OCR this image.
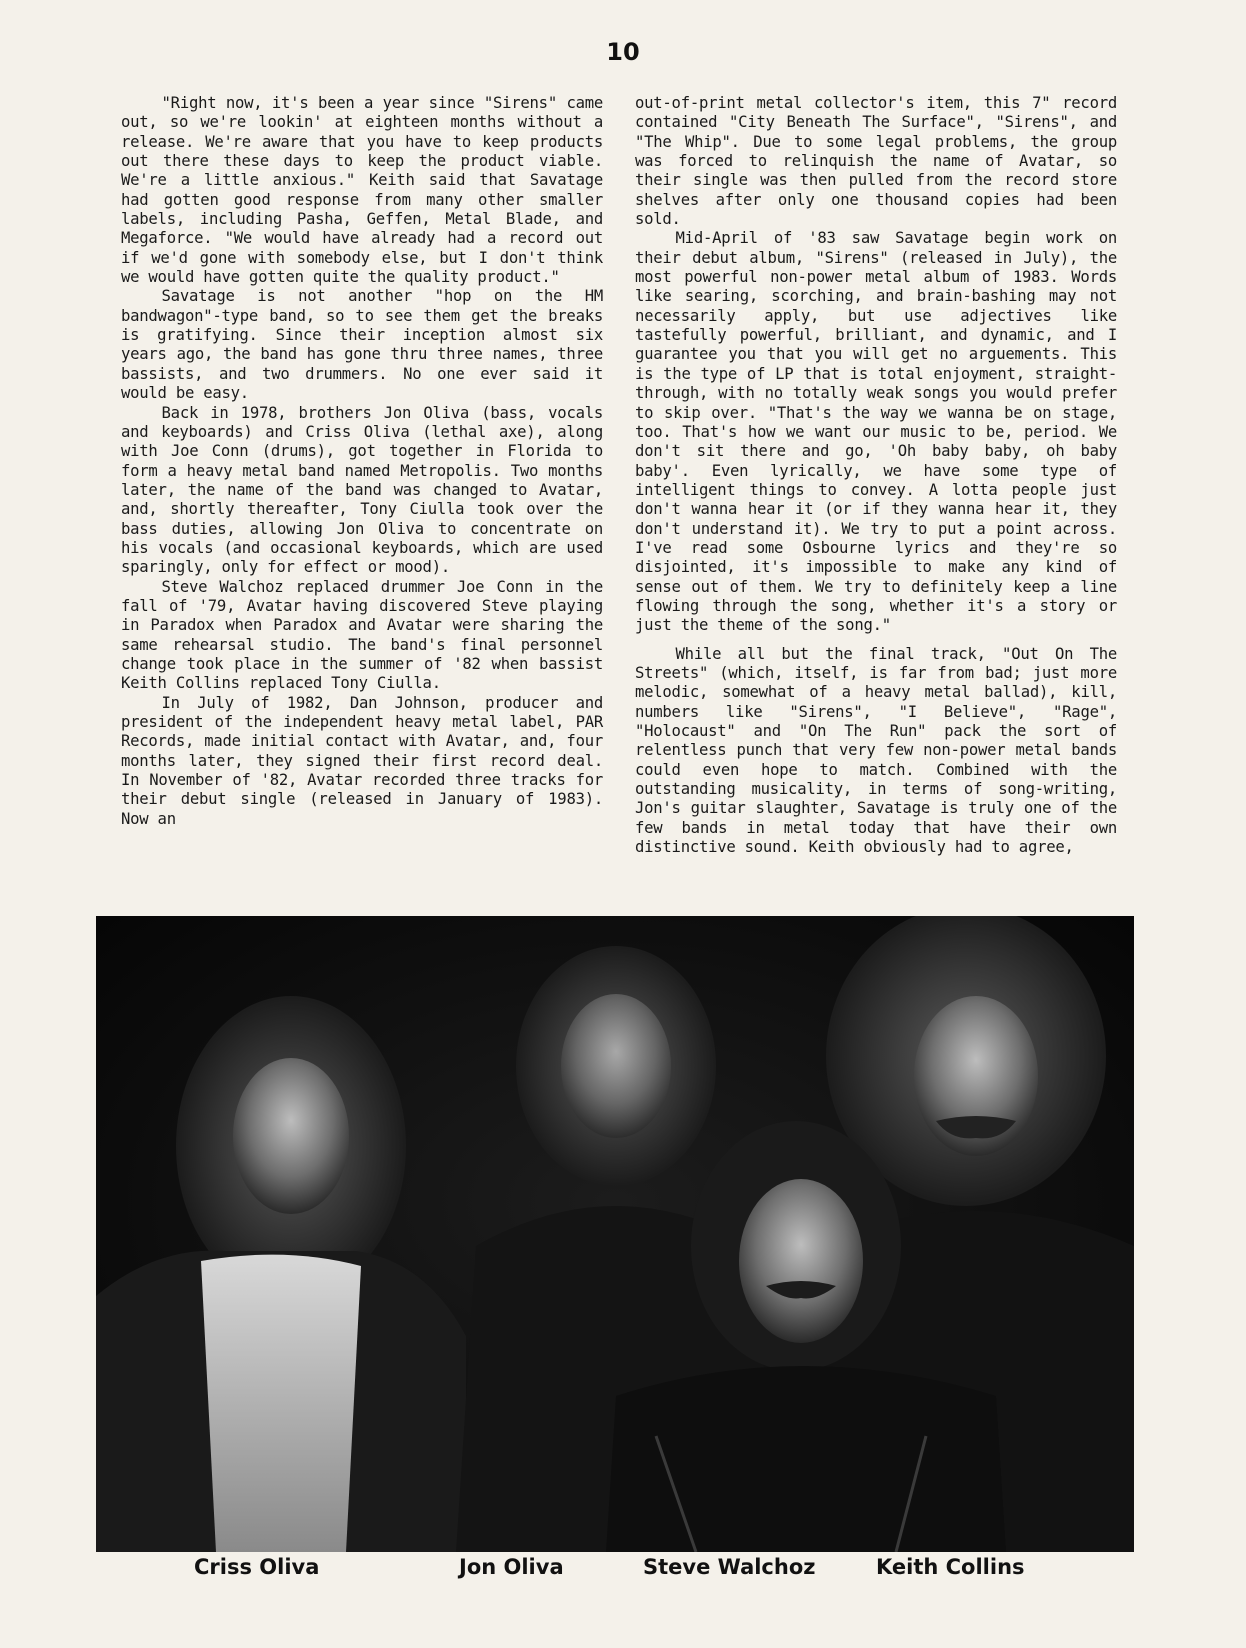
10

"Right now, it's been a year since "Sirens" came out, so we're lookin' at eighteen months without a release. We're aware that you have to keep products out there these days to keep the product viable. We're a little anxious." Keith said that Savatage had gotten good response from many other smaller labels, including Pasha, Geffen, Metal Blade, and Megaforce. "We would have already had a record out if we'd gone with somebody else, but I don't think we would have gotten quite the quality product."

Savatage is not another "hop on the HM bandwagon"-type band, so to see them get the breaks is gratifying. Since their inception almost six years ago, the band has gone thru three names, three bassists, and two drummers. No one ever said it would be easy.

Back in 1978, brothers Jon Oliva (bass, vocals and keyboards) and Criss Oliva (lethal axe), along with Joe Conn (drums), got together in Florida to form a heavy metal band named Metropolis. Two months later, the name of the band was changed to Avatar, and, shortly thereafter, Tony Ciulla took over the bass duties, allowing Jon Oliva to concentrate on his vocals (and occasional keyboards, which are used sparingly, only for effect or mood).

Steve Walchoz replaced drummer Joe Conn in the fall of '79, Avatar having discovered Steve playing in Paradox when Paradox and Avatar were sharing the same rehearsal studio. The band's final personnel change took place in the summer of '82 when bassist Keith Collins replaced Tony Ciulla.

In July of 1982, Dan Johnson, producer and president of the independent heavy metal label, PAR Records, made initial contact with Avatar, and, four months later, they signed their first record deal. In November of '82, Avatar recorded three tracks for their debut single (released in January of 1983). Now an

out-of-print metal collector's item, this 7" record contained "City Beneath The Surface", "Sirens", and "The Whip". Due to some legal problems, the group was forced to relinquish the name of Avatar, so their single was then pulled from the record store shelves after only one thousand copies had been sold.

Mid-April of '83 saw Savatage begin work on their debut album, "Sirens" (released in July), the most powerful non-power metal album of 1983. Words like searing, scorching, and brain-bashing may not necessarily apply, but use adjectives like tastefully powerful, brilliant, and dynamic, and I guarantee you that you will get no arguements. This is the type of LP that is total enjoyment, straight-through, with no totally weak songs you would prefer to skip over. "That's the way we wanna be on stage, too. That's how we want our music to be, period. We don't sit there and go, 'Oh baby baby, oh baby baby'. Even lyrically, we have some type of intelligent things to convey. A lotta people just don't wanna hear it (or if they wanna hear it, they don't understand it). We try to put a point across. I've read some Osbourne lyrics and they're so disjointed, it's impossible to make any kind of sense out of them. We try to definitely keep a line flowing through the song, whether it's a story or just the theme of the song."

While all but the final track, "Out On The Streets" (which, itself, is far from bad; just more melodic, somewhat of a heavy metal ballad), kill, numbers like "Sirens", "I Believe", "Rage", "Holocaust" and "On The Run" pack the sort of relentless punch that very few non-power metal bands could even hope to match. Combined with the outstanding musicality, in terms of song-writing, Jon's guitar slaughter, Savatage is truly one of the few bands in metal today that have their own distinctive sound. Keith obviously had to agree,

Criss Oliva	Jon Oliva	Steve Walchoz	Keith Collins
